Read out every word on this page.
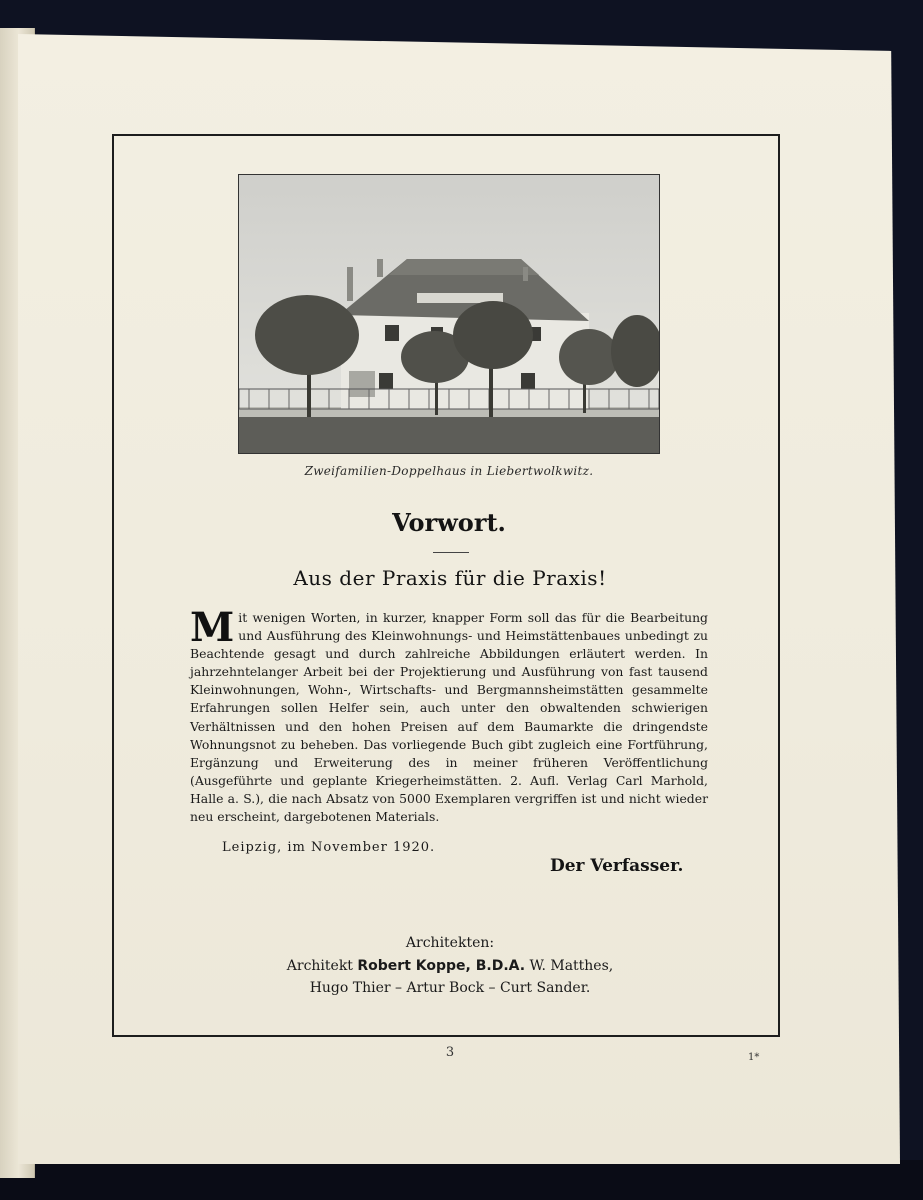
Zweifamilien-Doppelhaus in Liebertwolkwitz.
Vorwort.
Aus der Praxis für die Praxis!
Mit wenigen Worten, in kurzer, knapper Form soll das für die Bearbeitung und Ausführung des Kleinwohnungs- und Heimstättenbaues unbedingt zu Beachtende gesagt und durch zahlreiche Abbildungen erläutert werden. In jahrzehntelanger Arbeit bei der Projektierung und Ausführung von fast tausend Kleinwohnungen, Wohn-, Wirtschafts- und Bergmannsheimstätten gesammelte Erfahrungen sollen Helfer sein, auch unter den obwaltenden schwierigen Verhältnissen und den hohen Preisen auf dem Baumarkte die dringendste Wohnungsnot zu beheben. Das vorliegende Buch gibt zugleich eine Fortführung, Ergänzung und Erweiterung des in meiner früheren Veröffentlichung (Ausgeführte und geplante Kriegerheimstätten. 2. Aufl. Verlag Carl Marhold, Halle a. S.), die nach Absatz von 5000 Exemplaren vergriffen ist und nicht wieder neu erscheint, dargebotenen Materials.
Leipzig, im November 1920.
Der Verfasser.
Architekten:
Architekt Robert Koppe, B.D.A. W. Matthes,
Hugo Thier – Artur Bock – Curt Sander.
3	1*
